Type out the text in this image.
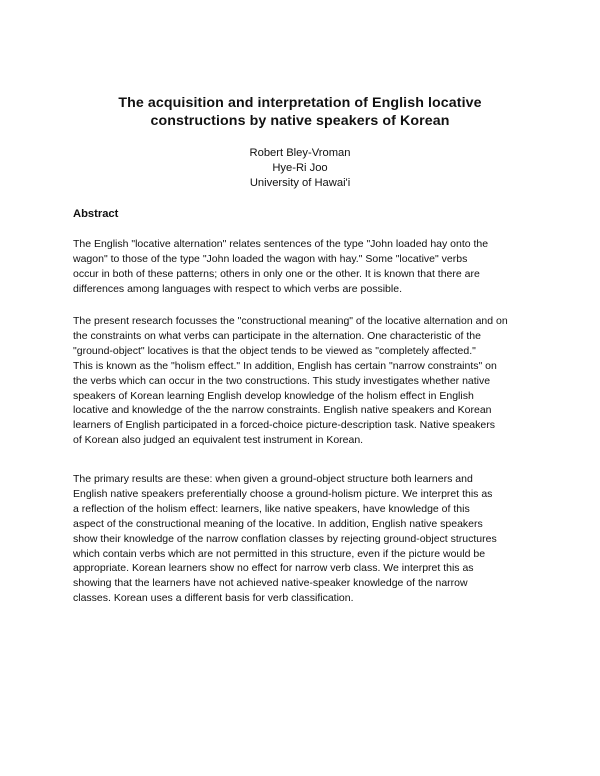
The acquisition and interpretation of English locative
constructions by native speakers of Korean
Robert Bley-Vroman
Hye-Ri Joo
University of Hawai'i
Abstract
The English "locative alternation" relates sentences of the type "John loaded hay onto the
wagon" to those of the type "John loaded the wagon with hay." Some "locative" verbs
occur in both of these patterns; others in only one or the other. It is known that there are
differences among languages with respect to which verbs are possible.
The present research focusses the "constructional meaning" of the locative alternation and on
the constraints on what verbs can participate in the alternation. One characteristic of the
"ground-object" locatives is that the object tends to be viewed as "completely affected."
This is known as the "holism effect." In addition, English has certain "narrow constraints" on
the verbs which can occur in the two constructions. This study investigates whether native
speakers of Korean learning English develop knowledge of the holism effect in English
locative and knowledge of the the narrow constraints. English native speakers and Korean
learners of English participated in a forced-choice picture-description task. Native speakers
of Korean also judged an equivalent test instrument in Korean.
The primary results are these: when given a ground-object structure both learners and
English native speakers preferentially choose a ground-holism picture. We interpret this as
a reflection of the holism effect: learners, like native speakers, have knowledge of this
aspect of the constructional meaning of the locative. In addition, English native speakers
show their knowledge of the narrow conflation classes by rejecting ground-object structures
which contain verbs which are not permitted in this structure, even if the picture would be
appropriate. Korean learners show no effect for narrow verb class. We interpret this as
showing that the learners have not achieved native-speaker knowledge of the narrow
classes. Korean uses a different basis for verb classification.
